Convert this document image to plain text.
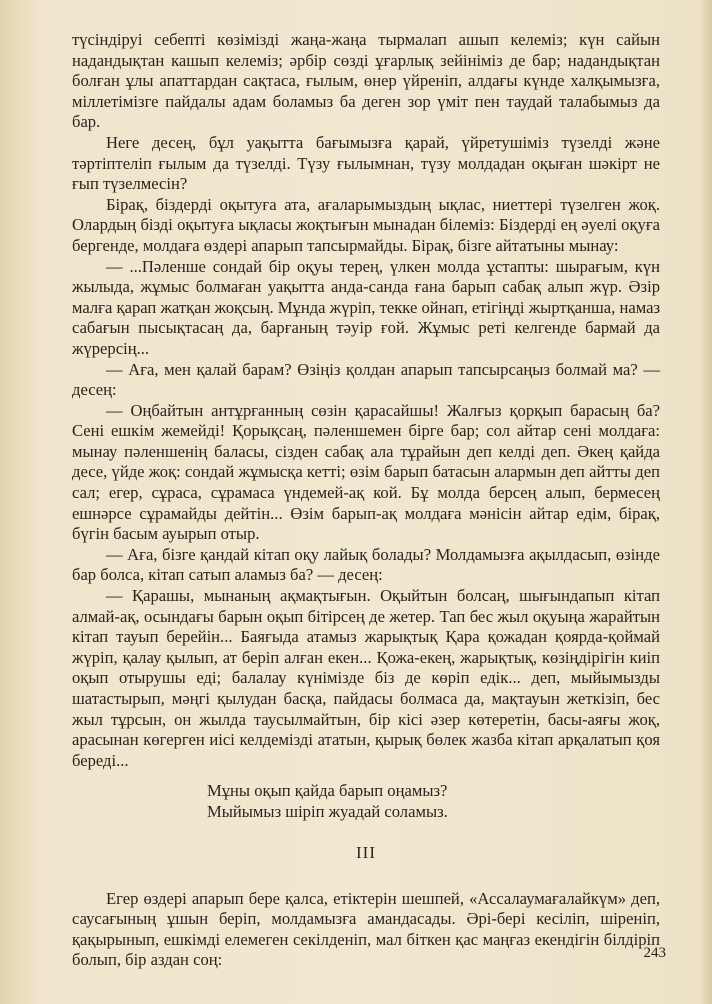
түсіндіруі себепті көзімізді жаңа-жаңа тырмалап ашып келеміз; күн сайын надандықтан кашып келеміз; әрбір сөзді ұғарлық зейініміз де бар; надандықтан болған ұлы апаттардан сақтаса, ғылым, өнер үйреніп, алдағы күнде халқымызға, міллетімізге пайдалы адам боламыз ба деген зор үміт пен таудай талабымыз да бар.

Неге десең, бұл уақытта бағымызға қарай, үйретушіміз түзелді және тәртіптеліп ғылым да түзелді. Түзу ғылымнан, түзу молдадан оқыған шәкірт не ғып түзелмесін?

Бірақ, біздерді оқытуға ата, ағаларымыздың ықлас, ниеттері түзелген жоқ. Олардың бізді оқытуға ықласы жоқтығын мынадан білеміз: Біздерді ең әуелі оқуға бергенде, молдаға өздері апарып тапсырмайды. Бірақ, бізге айтатыны мынау:

— ...Пәленше сондай бір оқуы терең, үлкен молда ұстапты: шырағым, күн жылыда, жұмыс болмаған уақытта анда-санда ғана барып сабақ алып жүр. Әзір малға қарап жатқан жоқсың. Мұнда жүріп, текке ойнап, етігіңді жыртқанша, намаз сабағын пысықтасаң да, барғаның тәуір ғой. Жұмыс реті келгенде бармай да жүрерсің...

— Аға, мен қалай барам? Өзіңіз қолдан апарып тапсырсаңыз болмай ма? — десең:

— Оңбайтын антұрғанның сөзін қарасайшы! Жалғыз қорқып барасың ба? Сені ешкім жемейді! Қорықсаң, пәленшемен бірге бар; сол айтар сені молдаға: мынау пәленшенің баласы, сізден сабақ ала тұрайын деп келді деп. Әкең қайда десе, үйде жоқ: сондай жұмысқа кетті; өзім барып батасын алармын деп айтты деп сал; егер, сұраса, сұрамаса үндемей-ақ кой. Бұ молда берсең алып, бермесең ешнәрсе сұрамайды дейтін... Өзім барып-ақ молдаға мәнісін айтар едім, бірақ, бүгін басым ауырып отыр.

— Аға, бізге қандай кітап оқу лайық болады? Молдамызға ақылдасып, өзінде бар болса, кітап сатып аламыз ба? — десең:

— Қарашы, мынаның ақмақтығын. Оқыйтын болсаң, шығындапып кітап алмай-ақ, осындағы барын оқып бітірсең де жетер. Тап бес жыл оқуыңа жарайтын кітап тауып берейін... Баяғыда атамыз жарықтық Қара қожадан қоярда-қоймай жүріп, қалау қылып, ат беріп алған екен... Қожа-екең, жарықтық, көзіңдірігін киіп оқып отырушы еді; балалау күнімізде біз де көріп едік... деп, мыйымызды шатастырып, мәңгі қылудан басқа, пайдасы болмаса да, мақтауын жеткізіп, бес жыл тұрсын, он жылда таусылмайтын, бір кісі әзер көтеретін, басы-аяғы жоқ, арасынан көгерген иісі келдемізді ататын, қырық бөлек жазба кітап арқалатып қоя береді...

Мұны оқып қайда барып оңамыз?
Мыйымыз шіріп жуадай соламыз.
III

Егер өздері апарып бере қалса, етіктерін шешпей, «Ассалаумағалайкүм» деп, саусағының ұшын беріп, молдамызға амандасады. Әрі-бері кесіліп, шіреніп, қақырынып, ешкімді елемеген секілденіп, мал біткен қас маңғаз екендігін білдіріп болып, бір аздан соң:	243
